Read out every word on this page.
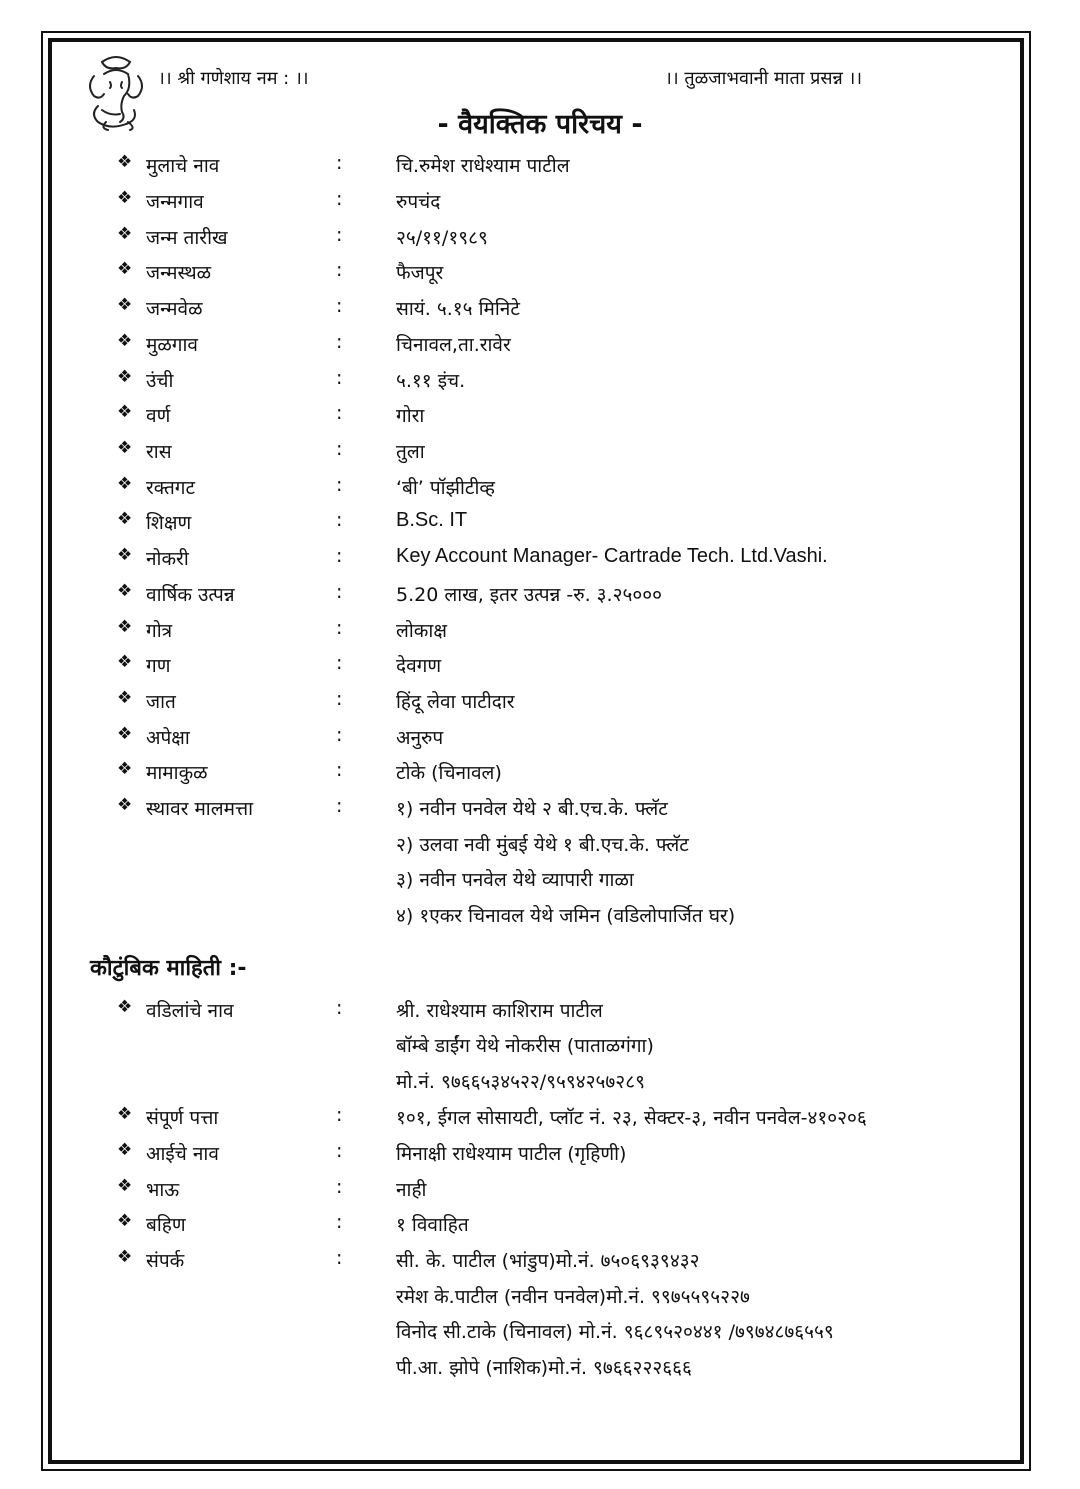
।। श्री गणेशाय नम : ।।	।। तुळजाभवानी माता प्रसन्न ।।
- वैयक्तिक परिचय -
❖ मुलाचे नाव	:	चि.रुमेश राधेश्याम पाटील
❖ जन्मगाव	:	रुपचंद
❖ जन्म तारीख	:	२५/११/१९८९
❖ जन्मस्थळ	:	फैजपूर
❖ जन्मवेळ	:	सायं. ५.१५ मिनिटे
❖ मुळगाव	:	चिनावल,ता.रावेर
❖ उंची	:	५.११ इंच.
❖ वर्ण	:	गोरा
❖ रास	:	तुला
❖ रक्तगट	:	‘बी’ पॉझीटीव्ह
❖ शिक्षण	:	B.Sc. IT
❖ नोकरी	:	Key Account Manager- Cartrade Tech. Ltd.Vashi.
❖ वार्षिक उत्पन्न	:	5.20 लाख, इतर उत्पन्न -रु. ३.२५०००
❖ गोत्र	:	लोकाक्ष
❖ गण	:	देवगण
❖ जात	:	हिंदू लेवा पाटीदार
❖ अपेक्षा	:	अनुरुप
❖ मामाकुळ	:	टोके (चिनावल)
❖ स्थावर मालमत्ता	:	१) नवीन पनवेल येथे २ बी.एच.के. फ्लॅट
२) उलवा नवी मुंबई येथे १ बी.एच.के. फ्लॅट
३) नवीन पनवेल येथे व्यापारी गाळा
४) १एकर चिनावल येथे जमिन (वडिलोपार्जित घर)
कौटुंबिक माहिती :-
❖ वडिलांचे नाव	:	श्री. राधेश्याम काशिराम पाटील
बॉम्बे डाईंग येथे नोकरीस (पाताळगंगा)
मो.नं. ९७६६५३४५२२/९५९४२५७२८९
❖ संपूर्ण पत्ता	:	१०१, ईगल सोसायटी, प्लॉट नं. २३, सेक्टर-३, नवीन पनवेल-४१०२०६
❖ आईचे नाव	:	मिनाक्षी राधेश्याम पाटील (गृहिणी)
❖ भाऊ	:	नाही
❖ बहिण	:	१ विवाहित
❖ संपर्क	:	सी. के. पाटील (भांडुप)मो.नं. ७५०६९३९४३२
रमेश के.पाटील (नवीन पनवेल)मो.नं. ९९७५५९५२२७
विनोद सी.टाके (चिनावल) मो.नं. ९६८९५२०४४१ /७९७४८७६५५९
पी.आ. झोपे (नाशिक)मो.नं. ९७६६२२२६६६
